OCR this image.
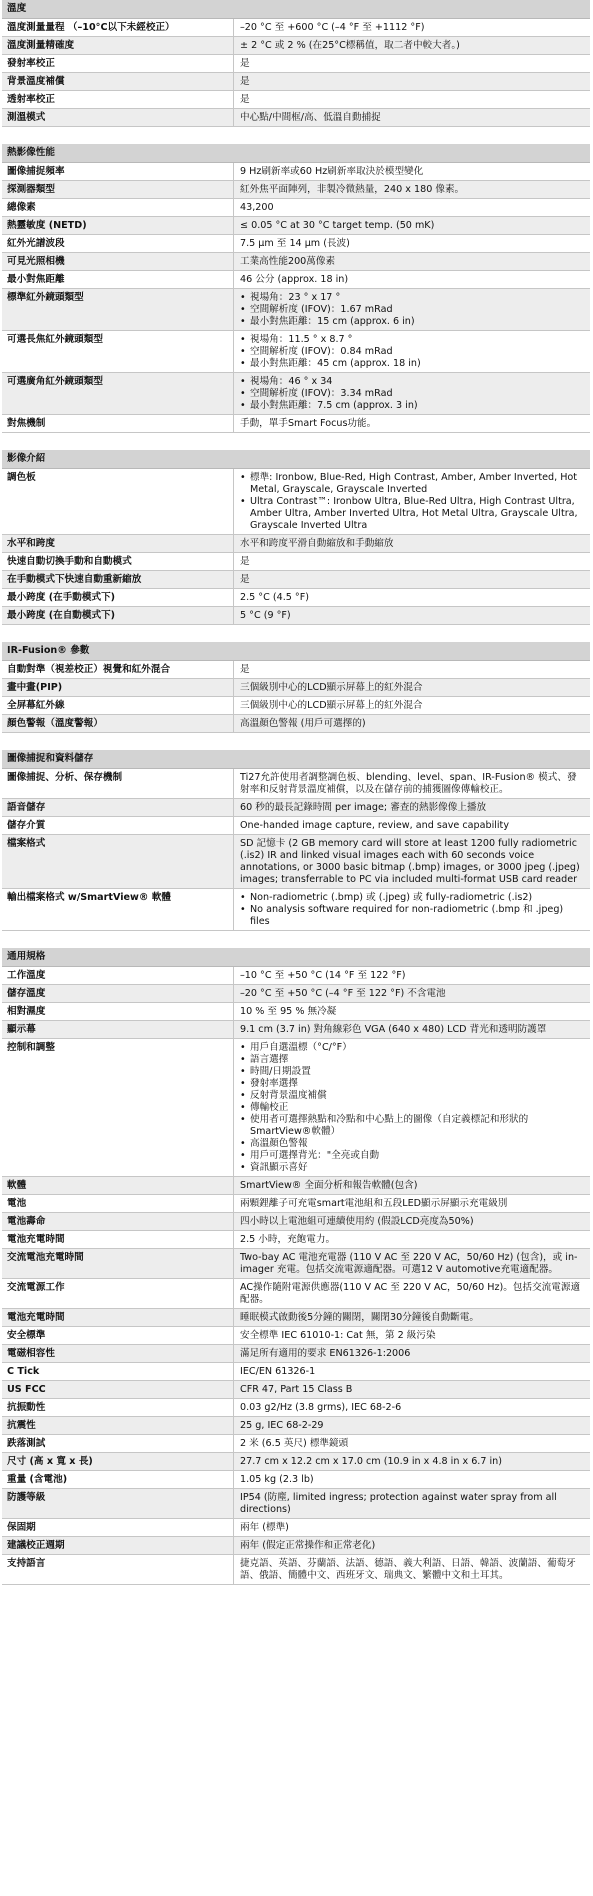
溫度
溫度測量量程 （–10°C以下未經校正）	–20 °C 至 +600 °C (–4 °F 至 +1112 °F)
溫度測量精確度	± 2 °C 或 2 % (在25°C標稱值，取二者中較大者。)
發射率校正	是
背景溫度補償	是
透射率校正	是
測溫模式	中心點/中間框/高、低溫自動捕捉
熱影像性能
圖像捕捉頻率	9 Hz刷新率或60 Hz刷新率取決於模型變化
探測器類型	紅外焦平面陣列，非製冷微熱量，240 x 180 像素。
總像素	43,200
熱靈敏度 (NETD)	≤ 0.05 °C at 30 °C target temp. (50 mK)
紅外光譜波段	7.5 μm 至 14 μm (長波)
可見光照相機	工業高性能200萬像素
最小對焦距離	46 公分 (approx. 18 in)
標準紅外鏡頭類型	• 視場角：23 ° x 17 °
• 空間解析度 (IFOV)：1.67 mRad
• 最小對焦距離：15 cm (approx. 6 in)
可選長焦紅外鏡頭類型	• 視場角：11.5 ° x 8.7 °
• 空間解析度 (IFOV)：0.84 mRad
• 最小對焦距離：45 cm (approx. 18 in)
可選廣角紅外鏡頭類型	• 視場角：46 ° x 34
• 空間解析度 (IFOV)：3.34 mRad
• 最小對焦距離：7.5 cm (approx. 3 in)
對焦機制	手動，單手Smart Focus功能。
影像介紹
調色板	• 標準: Ironbow, Blue-Red, High Contrast, Amber, Amber Inverted, Hot Metal, Grayscale, Grayscale Inverted
• Ultra Contrast™: Ironbow Ultra, Blue-Red Ultra, High Contrast Ultra, Amber Ultra, Amber Inverted Ultra, Hot Metal Ultra, Grayscale Ultra, Grayscale Inverted Ultra
水平和跨度	水平和跨度平滑自動縮放和手動縮放
快速自動切換手動和自動模式	是
在手動模式下快速自動重新縮放	是
最小跨度 (在手動模式下)	2.5 °C (4.5 °F)
最小跨度 (在自動模式下)	5 °C (9 °F)
IR-Fusion® 參數
自動對準（視差校正）視覺和紅外混合	是
畫中畫(PIP)	三個級別中心的LCD顯示屏幕上的紅外混合
全屏幕紅外線	三個級別中心的LCD顯示屏幕上的紅外混合
顏色警報（溫度警報）	高溫顏色警報 (用戶可選擇的)
圖像捕捉和資料儲存
圖像捕捉、分析、保存機制	Ti27允許使用者調整調色板、blending、level、span、IR-Fusion® 模式、發射率和反射背景溫度補償，以及在儲存前的捕獲圖像傳輸校正。
語音儲存	60 秒的最長記錄時間 per image; 審查的熱影像像上播放
儲存介質	One-handed image capture, review, and save capability
檔案格式	SD 記憶卡 (2 GB memory card will store at least 1200 fully radiometric (.is2) IR and linked visual images each with 60 seconds voice annotations, or 3000 basic bitmap (.bmp) images, or 3000 jpeg (.jpeg) images; transferrable to PC via included multi-format USB card reader
輸出檔案格式 w/SmartView® 軟體	• Non-radiometric (.bmp) 或 (.jpeg) 或 fully-radiometric (.is2)
• No analysis software required for non-radiometric (.bmp 和 .jpeg) files
通用規格
工作溫度	–10 °C 至 +50 °C (14 °F 至 122 °F)
儲存溫度	–20 °C 至 +50 °C (–4 °F 至 122 °F) 不含電池
相對濕度	10 % 至 95 % 無冷凝
顯示幕	9.1 cm (3.7 in) 對角線彩色 VGA (640 x 480) LCD 背光和透明防護罩
控制和調整	• 用戶自選溫標（°C/°F）
• 語言選擇
• 時間/日期設置
• 發射率選擇
• 反射背景溫度補償
• 傳輸校正
• 使用者可選擇熱點和冷點和中心點上的圖像（自定義標記和形狀的SmartView®軟體）
• 高溫顏色警報
• 用戶可選擇背光："全亮或自動
• 資訊顯示喜好
軟體	SmartView® 全面分析和報告軟體(包含)
電池	兩顆鋰離子可充電smart電池組和五段LED顯示屏顯示充電級別
電池壽命	四小時以上電池組可連續使用約 (假設LCD亮度為50%)
電池充電時間	2.5 小時，充飽電力。
交流電池充電時間	Two-bay AC 電池充電器 (110 V AC 至 220 V AC，50/60 Hz) (包含)，或 in-imager 充電。包括交流電源適配器。可選12 V automotive充電適配器。
交流電源工作	AC操作隨附電源供應器(110 V AC 至 220 V AC，50/60 Hz)。包括交流電源適配器。
電池充電時間	睡眠模式啟動後5分鐘的關閉，關閉30分鐘後自動斷電。
安全標準	安全標準 IEC 61010-1: Cat 無，第 2 級污染
電磁相容性	滿足所有適用的要求 EN61326-1:2006
C Tick	IEC/EN 61326-1
US FCC	CFR 47, Part 15 Class B
抗振動性	0.03 g2/Hz (3.8 grms), IEC 68-2-6
抗震性	25 g, IEC 68-2-29
跌落測試	2 米 (6.5 英尺) 標準鏡頭
尺寸 (高 x 寬 x 長)	27.7 cm x 12.2 cm x 17.0 cm (10.9 in x 4.8 in x 6.7 in)
重量 (含電池)	1.05 kg (2.3 lb)
防護等級	IP54 (防塵, limited ingress; protection against water spray from all directions)
保固期	兩年 (標準)
建議校正週期	兩年 (假定正常操作和正常老化)
支持語言	捷克語、英語、芬蘭語、法語、德語、義大利語、日語、韓語、波蘭語、葡萄牙語、俄語、簡體中文、西班牙文、瑞典文、繁體中文和土耳其。
